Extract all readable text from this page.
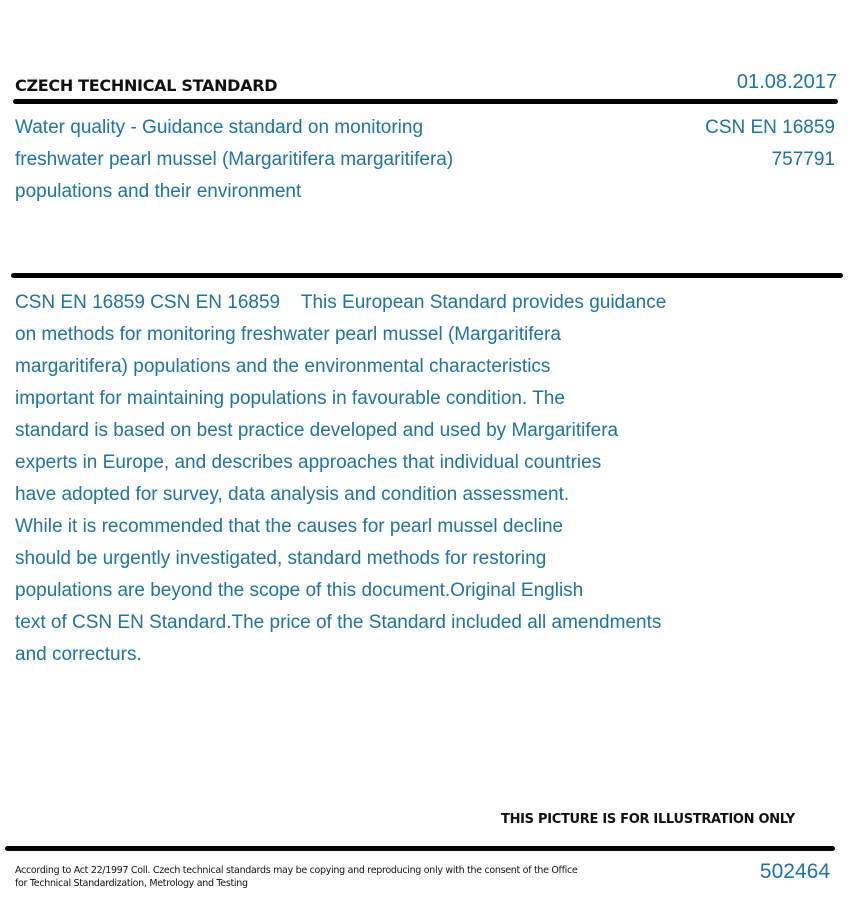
CZECH TECHNICAL STANDARD	01.08.2017
Water quality - Guidance standard on monitoring
freshwater pearl mussel (Margaritifera margaritifera)
populations and their environment
CSN EN 16859
757791
CSN EN 16859 CSN EN 16859    This European Standard provides guidance
on methods for monitoring freshwater pearl mussel (Margaritifera
margaritifera) populations and the environmental characteristics
important for maintaining populations in favourable condition. The
standard is based on best practice developed and used by Margaritifera
experts in Europe, and describes approaches that individual countries
have adopted for survey, data analysis and condition assessment.
While it is recommended that the causes for pearl mussel decline
should be urgently investigated, standard methods for restoring
populations are beyond the scope of this document.Original English
text of CSN EN Standard.The price of the Standard included all amendments
and correcturs.
THIS PICTURE IS FOR ILLUSTRATION ONLY
According to Act 22/1997 Coll. Czech technical standards may be copying and reproducing only with the consent of the Office
for Technical Standardization, Metrology and Testing
502464
